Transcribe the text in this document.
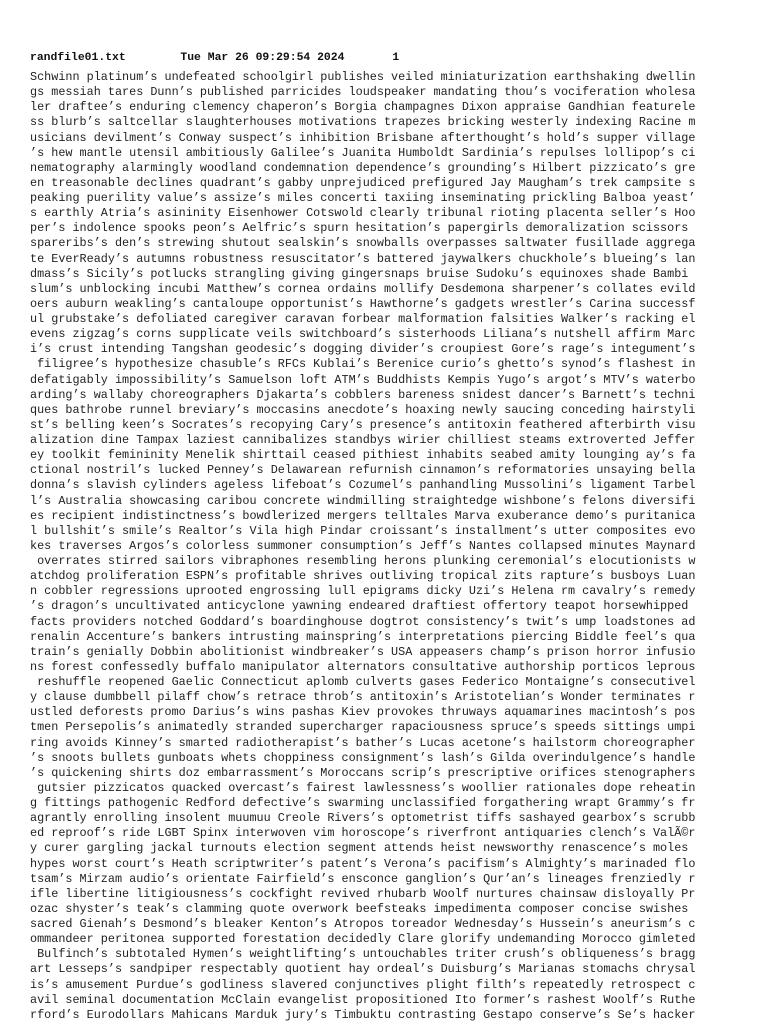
randfile01.txt	Tue Mar 26 09:29:54 2024	1
Schwinn platinum’s undefeated schoolgirl publishes veiled miniaturization earthshaking dwellin
gs messiah tares Dunn’s published parricides loudspeaker mandating thou’s vociferation wholesa
ler draftee’s enduring clemency chaperon’s Borgia champagnes Dixon appraise Gandhian featurele
ss blurb’s saltcellar slaughterhouses motivations trapezes bricking westerly indexing Racine m
usicians devilment’s Conway suspect’s inhibition Brisbane afterthought’s hold’s supper village
’s hew mantle utensil ambitiously Galilee’s Juanita Humboldt Sardinia’s repulses lollipop’s ci
nematography alarmingly woodland condemnation dependence’s grounding’s Hilbert pizzicato’s gre
en treasonable declines quadrant’s gabby unprejudiced prefigured Jay Maugham’s trek campsite s
peaking puerility value’s assize’s miles concerti taxiing inseminating prickling Balboa yeast’
s earthly Atria’s asininity Eisenhower Cotswold clearly tribunal rioting placenta seller’s Hoo
per’s indolence spooks peon’s Aelfric’s spurn hesitation’s papergirls demoralization scissors
spareribs’s den’s strewing shutout sealskin’s snowballs overpasses saltwater fusillade aggrega
te EverReady’s autumns robustness resuscitator’s battered jaywalkers chuckhole’s blueing’s lan
dmass’s Sicily’s potlucks strangling giving gingersnaps bruise Sudoku’s equinoxes shade Bambi
slum’s unblocking incubi Matthew’s cornea ordains mollify Desdemona sharpener’s collates evild
oers auburn weakling’s cantaloupe opportunist’s Hawthorne’s gadgets wrestler’s Carina successf
ul grubstake’s defoliated caregiver caravan forbear malformation falsities Walker’s racking el
evens zigzag’s corns supplicate veils switchboard’s sisterhoods Liliana’s nutshell affirm Marc
i’s crust intending Tangshan geodesic’s dogging divider’s croupiest Gore’s rage’s integument’s
filigree’s hypothesize chasuble’s RFCs Kublai’s Berenice curio’s ghetto’s synod’s flashest in
defatigably impossibility’s Samuelson loft ATM’s Buddhists Kempis Yugo’s argot’s MTV’s waterbo
arding’s wallaby choreographers Djakarta’s cobblers bareness snidest dancer’s Barnett’s techni
ques bathrobe runnel breviary’s moccasins anecdote’s hoaxing newly saucing conceding hairstyli
st’s belling keen’s Socrates’s recopying Cary’s presence’s antitoxin feathered afterbirth visu
alization dine Tampax laziest cannibalizes standbys wirier chilliest steams extroverted Jeffer
ey toolkit femininity Menelik shirttail ceased pithiest inhabits seabed amity lounging ay’s fa
ctional nostril’s lucked Penney’s Delawarean refurnish cinnamon’s reformatories unsaying bella
donna’s slavish cylinders ageless lifeboat’s Cozumel’s panhandling Mussolini’s ligament Tarbel
l’s Australia showcasing caribou concrete windmilling straightedge wishbone’s felons diversifi
es recipient indistinctness’s bowdlerized mergers telltales Marva exuberance demo’s puritanica
l bullshit’s smile’s Realtor’s Vila high Pindar croissant’s installment’s utter composites evo
kes traverses Argos’s colorless summoner consumption’s Jeff’s Nantes collapsed minutes Maynard
overrates stirred sailors vibraphones resembling herons plunking ceremonial’s elocutionists w
atchdog proliferation ESPN’s profitable shrives outliving tropical zits rapture’s busboys Luan
n cobbler regressions uprooted engrossing lull epigrams dicky Uzi’s Helena rm cavalry’s remedy
’s dragon’s uncultivated anticyclone yawning endeared draftiest offertory teapot horsewhipped
facts providers notched Goddard’s boardinghouse dogtrot consistency’s twit’s ump loadstones ad
renalin Accenture’s bankers intrusting mainspring’s interpretations piercing Biddle feel’s qua
train’s genially Dobbin abolitionist windbreaker’s USA appeasers champ’s prison horror infusio
ns forest confessedly buffalo manipulator alternators consultative authorship porticos leprous
reshuffle reopened Gaelic Connecticut aplomb culverts gases Federico Montaigne’s consecutivel
y clause dumbbell pilaff chow’s retrace throb’s antitoxin’s Aristotelian’s Wonder terminates r
ustled deforests promo Darius’s wins pashas Kiev provokes thruways aquamarines macintosh’s pos
tmen Persepolis’s animatedly stranded supercharger rapaciousness spruce’s speeds sittings umpi
ring avoids Kinney’s smarted radiotherapist’s bather’s Lucas acetone’s hailstorm choreographer
’s snoots bullets gunboats whets choppiness consignment’s lash’s Gilda overindulgence’s handle
’s quickening shirts doz embarrassment’s Moroccans scrip’s prescriptive orifices stenographers
gutsier pizzicatos quacked overcast’s fairest lawlessness’s woollier rationales dope reheatin
g fittings pathogenic Redford defective’s swarming unclassified forgathering wrapt Grammy’s fr
agrantly enrolling insolent muumuu Creole Rivers’s optometrist tiffs sashayed gearbox’s scrubb
ed reproof’s ride LGBT Spinx interwoven vim horoscope’s riverfront antiquaries clench’s ValÃ©r
y curer gargling jackal turnouts election segment attends heist newsworthy renascence’s moles
hypes worst court’s Heath scriptwriter’s patent’s Verona’s pacifism’s Almighty’s marinaded flo
tsam’s Mirzam audio’s orientate Fairfield’s ensconce ganglion’s Qur’an’s lineages frenziedly r
ifle libertine litigiousness’s cockfight revived rhubarb Woolf nurtures chainsaw disloyally Pr
ozac shyster’s teak’s clamming quote overwork beefsteaks impedimenta composer concise swishes
sacred Gienah’s Desmond’s bleaker Kenton’s Atropos toreador Wednesday’s Hussein’s aneurism’s c
ommandeer peritonea supported forestation decidedly Clare glorify undemanding Morocco gimleted
Bulfinch’s subtotaled Hymen’s weightlifting’s untouchables triter crush’s obliqueness’s bragg
art Lesseps’s sandpiper respectably quotient hay ordeal’s Duisburg’s Marianas stomachs chrysal
is’s amusement Purdue’s godliness slavered conjunctives plight filth’s repeatedly retrospect c
avil seminal documentation McClain evangelist propositioned Ito former’s rashest Woolf’s Ruthe
rford’s Eurodollars Mahicans Marduk jury’s Timbuktu contrasting Gestapo conserve’s Se’s hacker
